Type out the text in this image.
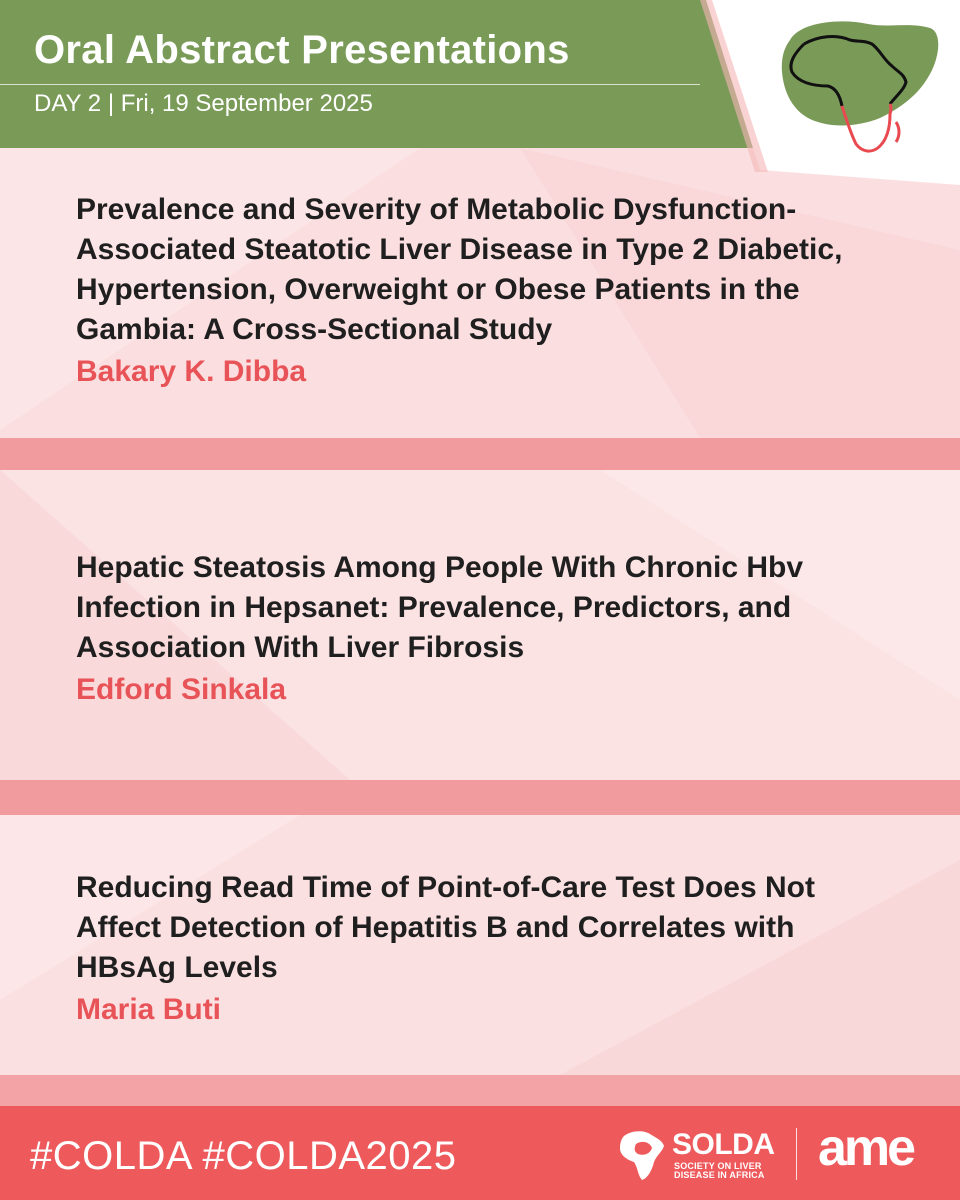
Oral Abstract Presentations
DAY 2 | Fri, 19 September 2025

Prevalence and Severity of Metabolic Dysfunction-Associated Steatotic Liver Disease in Type 2 Diabetic, Hypertension, Overweight or Obese Patients in the Gambia: A Cross-Sectional Study

Bakary K. Dibba

Hepatic Steatosis Among People With Chronic Hbv Infection in Hepsanet: Prevalence, Predictors, and Association With Liver Fibrosis

Edford Sinkala

Reducing Read Time of Point-of-Care Test Does Not Affect Detection of Hepatitis B and Correlates with HBsAg Levels

Maria Buti

#COLDA #COLDA2025	SOLDA
SOCIETY ON LIVER DISEASE IN AFRICA ame
